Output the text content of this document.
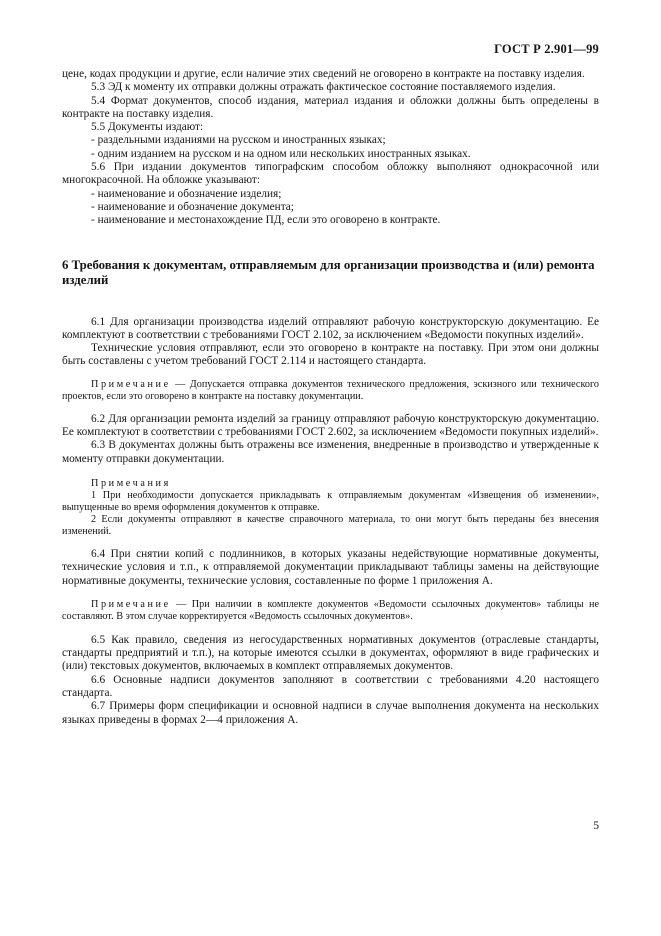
ГОСТ Р 2.901—99

цене, кодах продукции и другие, если наличие этих сведений не оговорено в контракте на поставку изделия.

5.3 ЭД к моменту их отправки должны отражать фактическое состояние поставляемого изделия.

5.4 Формат документов, способ издания, материал издания и обложки должны быть определены в контракте на поставку изделия.

5.5 Документы издают:

- раздельными изданиями на русском и иностранных языках;

- одним изданием на русском и на одном или нескольких иностранных языках.

5.6 При издании документов типографским способом обложку выполняют однокрасочной или многокрасочной. На обложке указывают:

- наименование и обозначение изделия;

- наименование и обозначение документа;

- наименование и местонахождение ПД, если это оговорено в контракте.

6 Требования к документам, отправляемым для организации производства и (или) ремонта изделий

6.1 Для организации производства изделий отправляют рабочую конструкторскую документацию. Ее комплектуют в соответствии с требованиями ГОСТ 2.102, за исключением «Ведомости покупных изделий».

Технические условия отправляют, если это оговорено в контракте на поставку. При этом они должны быть составлены с учетом требований ГОСТ 2.114 и настоящего стандарта.

Примечание — Допускается отправка документов технического предложения, эскизного или технического проектов, если это оговорено в контракте на поставку документации.

6.2 Для организации ремонта изделий за границу отправляют рабочую конструкторскую документацию. Ее комплектуют в соответствии с требованиями ГОСТ 2.602, за исключением «Ведомости покупных изделий».

6.3 В документах должны быть отражены все изменения, внедренные в производство и утвержденные к моменту отправки документации.

Примечания

1 При необходимости допускается прикладывать к отправляемым документам «Извещения об изменении», выпущенные во время оформления документов к отправке.

2 Если документы отправляют в качестве справочного материала, то они могут быть переданы без внесения изменений.

6.4 При снятии копий с подлинников, в которых указаны недействующие нормативные документы, технические условия и т.п., к отправляемой документации прикладывают таблицы замены на действующие нормативные документы, технические условия, составленные по форме 1 приложения А.

Примечание — При наличии в комплекте документов «Ведомости ссылочных документов» таблицы не составляют. В этом случае корректируется «Ведомость ссылочных документов».

6.5 Как правило, сведения из негосударственных нормативных документов (отраслевые стандарты, стандарты предприятий и т.п.), на которые имеются ссылки в документах, оформляют в виде графических и (или) текстовых документов, включаемых в комплект отправляемых документов.

6.6 Основные надписи документов заполняют в соответствии с требованиями 4.20 настоящего стандарта.

6.7 Примеры форм спецификации и основной надписи в случае выполнения документа на нескольких языках приведены в формах 2—4 приложения А.

5
